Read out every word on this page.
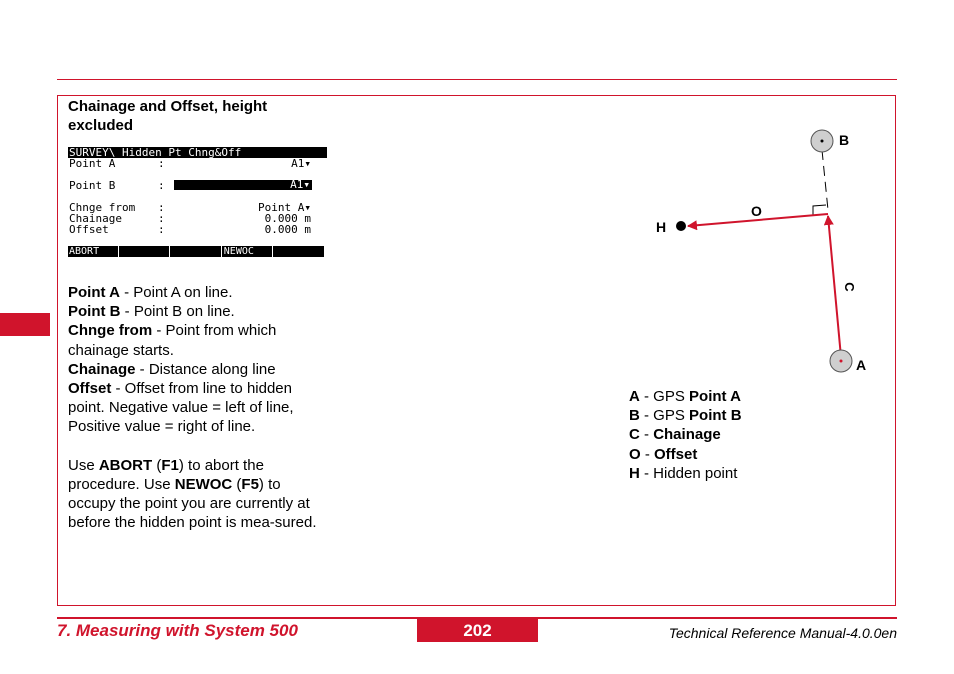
Chainage and Offset, height excluded
SURVEY\ Hidden Pt Chng&Off
Point A	:	A1▾
Point B	:	A1▾
Chnge from :	Point A▾
Chainage	:	0.000 m
Offset	:	0.000 m
ABORT	NEWOC

Point A - Point A on line.

Point B - Point B on line.

Chnge from - Point from which chainage starts.

Chainage - Distance along line

Offset - Offset from line to hidden point. Negative value = left of line, Positive value = right of line.

Use ABORT (F1) to abort the procedure. Use NEWOC (F5) to occupy the point you are currently at before the hidden point is mea-sured.

B
A
H
O
C

A - GPS Point A

B - GPS Point B

C - Chainage

O - Offset

H - Hidden point

7. Measuring with System 500	202	Technical Reference Manual-4.0.0en
